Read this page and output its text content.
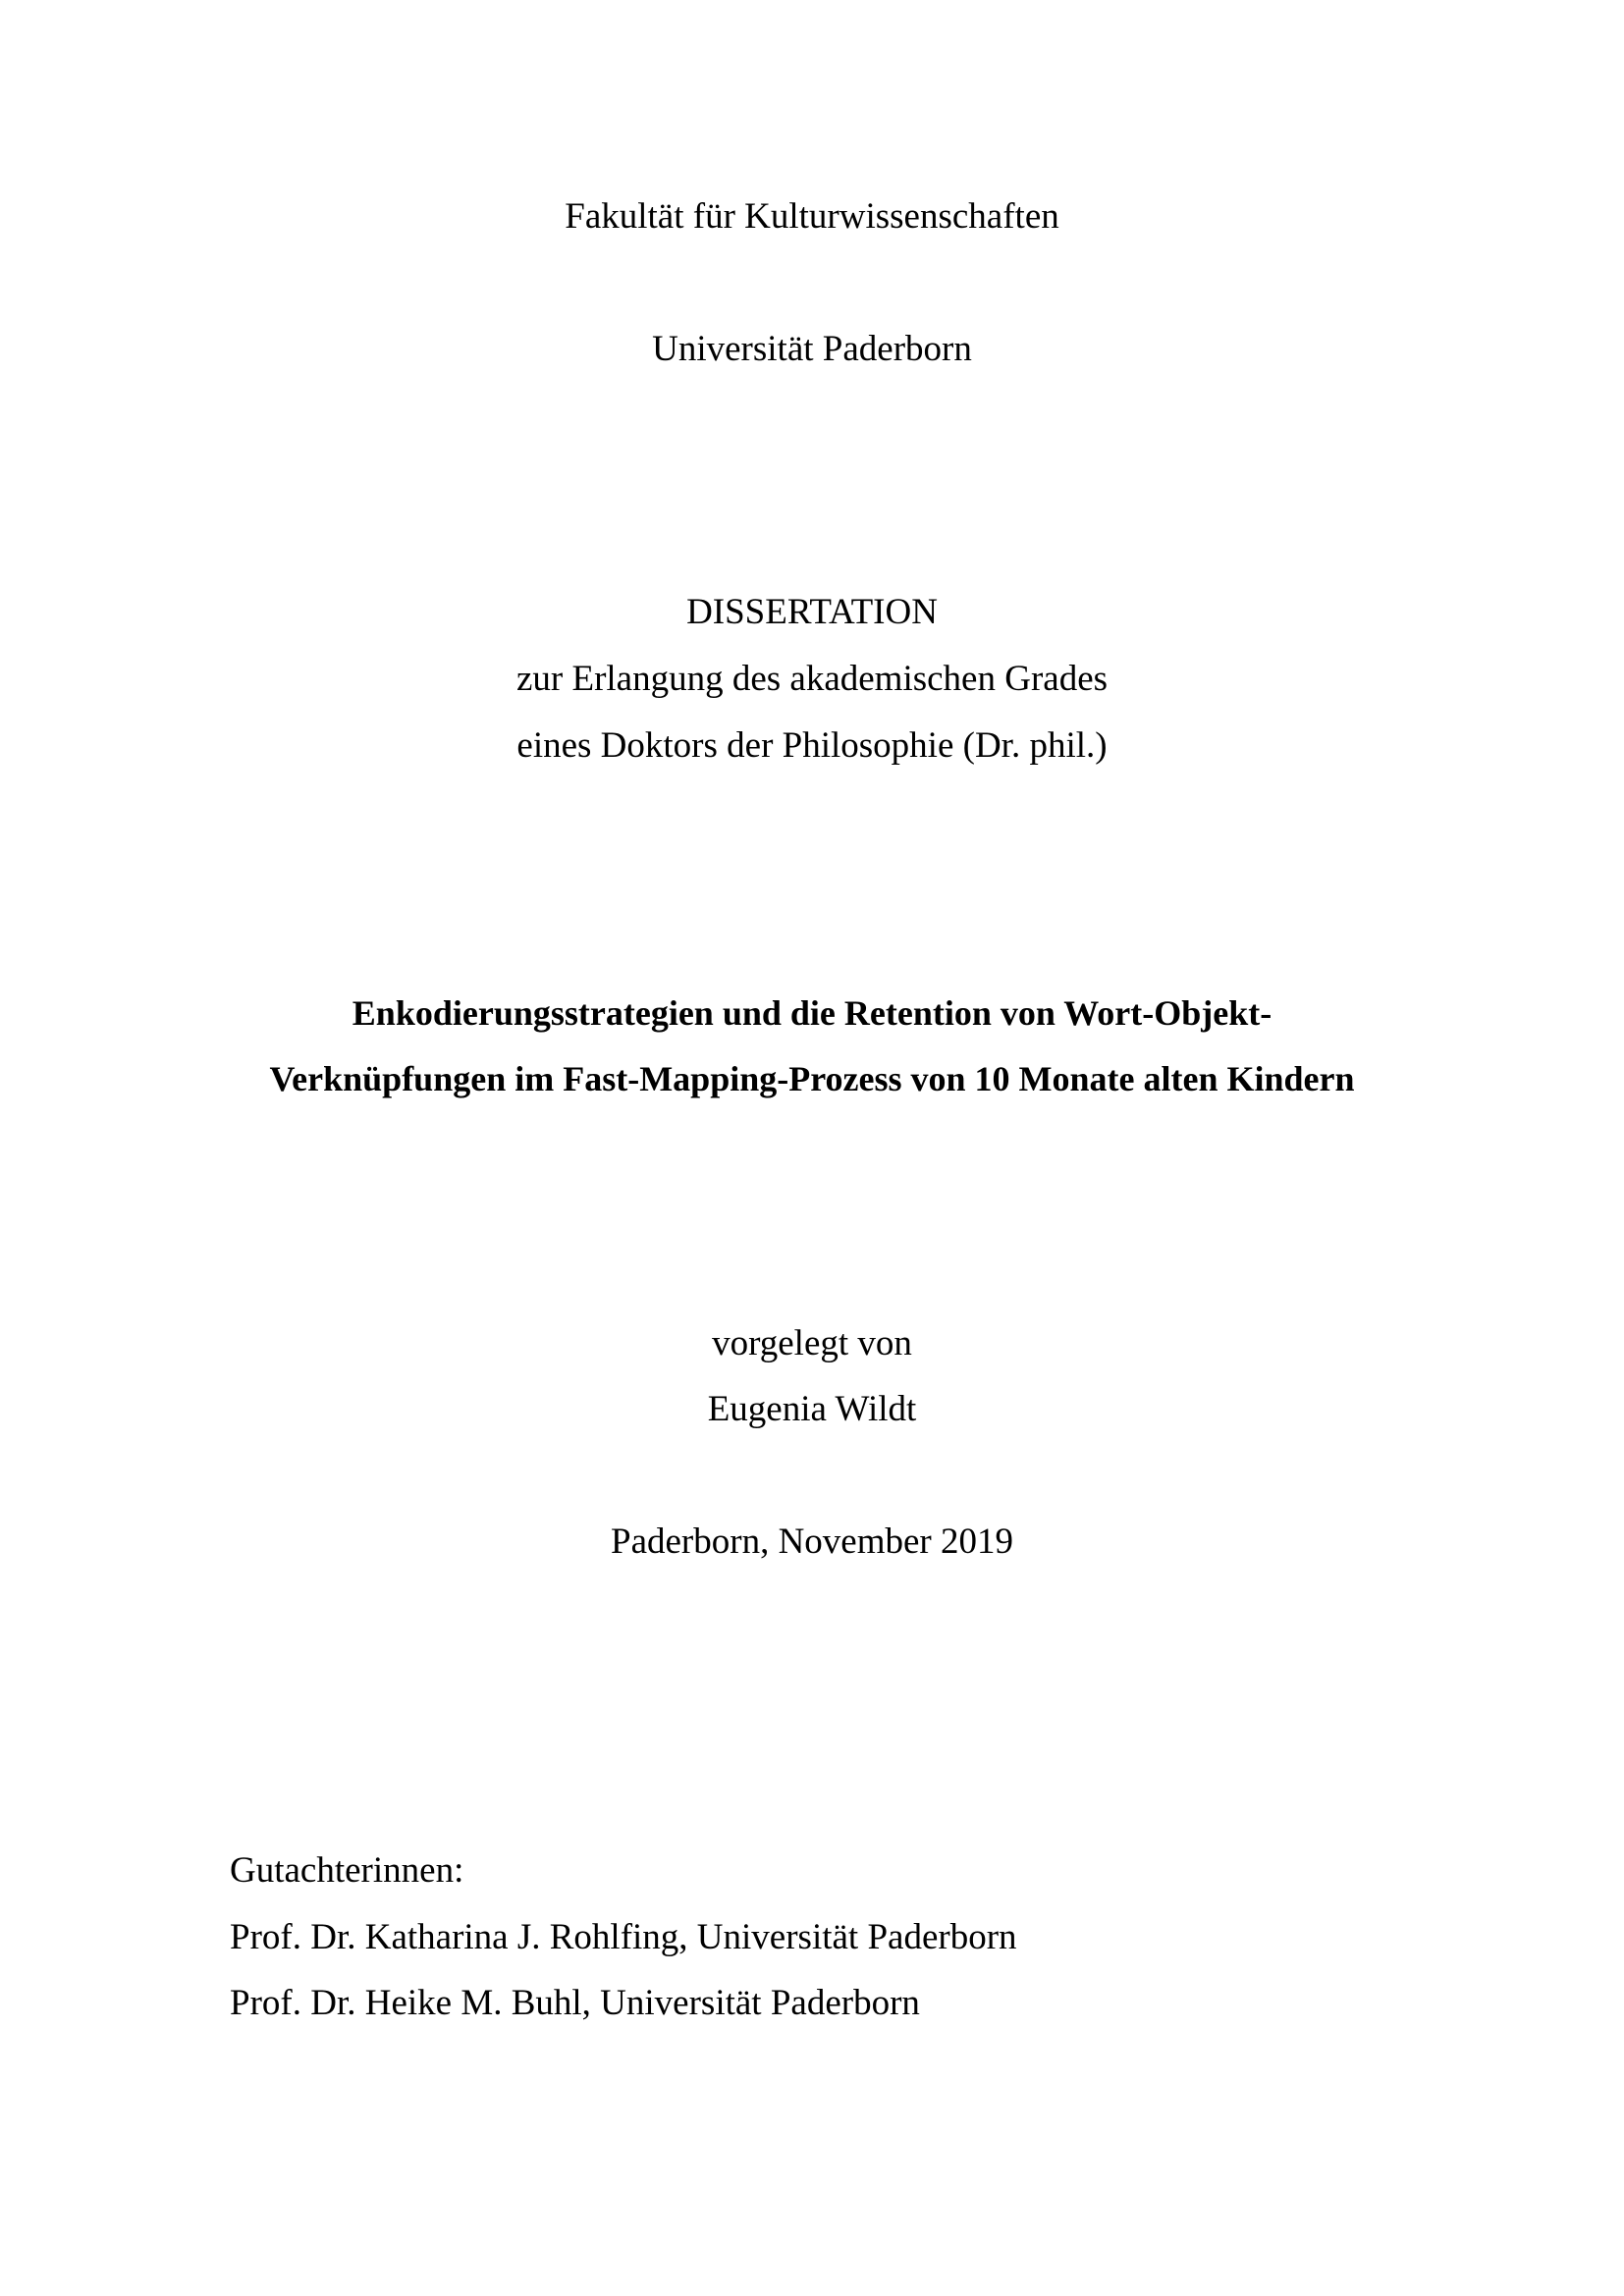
Fakultät für Kulturwissenschaften
Universität Paderborn
DISSERTATION
zur Erlangung des akademischen Grades
eines Doktors der Philosophie (Dr. phil.)
Enkodierungsstrategien und die Retention von Wort-Objekt-
Verknüpfungen im Fast-Mapping-Prozess von 10 Monate alten Kindern
vorgelegt von
Eugenia Wildt
Paderborn, November 2019
Gutachterinnen:
Prof. Dr. Katharina J. Rohlfing, Universität Paderborn
Prof. Dr. Heike M. Buhl, Universität Paderborn
